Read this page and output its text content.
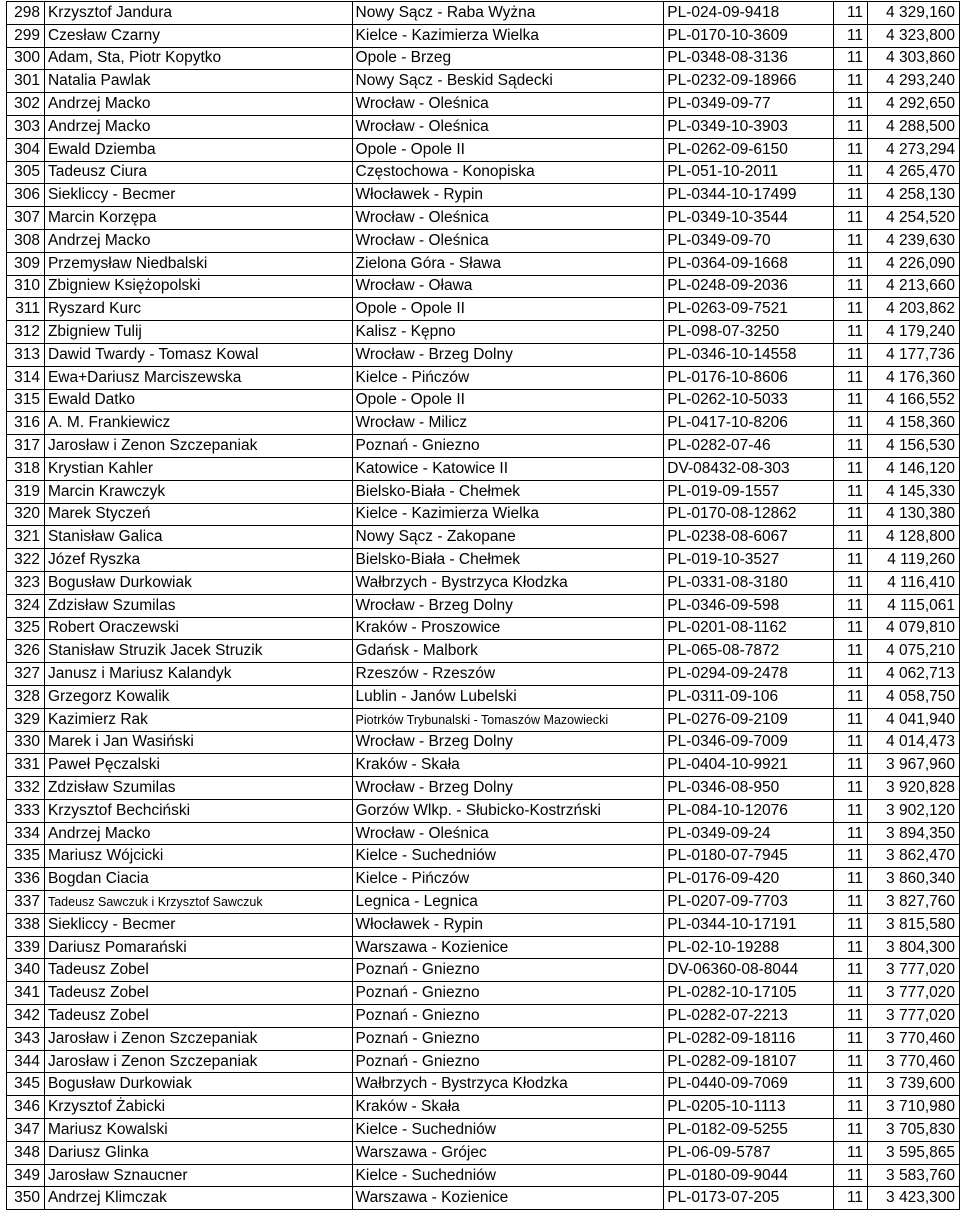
298	Krzysztof Jandura	Nowy Sącz - Raba Wyżna	PL-024-09-9418	11	4 329,160
299	Czesław Czarny	Kielce - Kazimierza Wielka	PL-0170-10-3609	11	4 323,800
300	Adam, Sta, Piotr Kopytko	Opole - Brzeg	PL-0348-08-3136	11	4 303,860
301	Natalia Pawlak	Nowy Sącz - Beskid Sądecki	PL-0232-09-18966	11	4 293,240
302	Andrzej Macko	Wrocław - Oleśnica	PL-0349-09-77	11	4 292,650
303	Andrzej Macko	Wrocław - Oleśnica	PL-0349-10-3903	11	4 288,500
304	Ewald Dziemba	Opole - Opole II	PL-0262-09-6150	11	4 273,294
305	Tadeusz Ciura	Częstochowa - Konopiska	PL-051-10-2011	11	4 265,470
306	Siekliccy - Becmer	Włocławek - Rypin	PL-0344-10-17499	11	4 258,130
307	Marcin Korzępa	Wrocław - Oleśnica	PL-0349-10-3544	11	4 254,520
308	Andrzej Macko	Wrocław - Oleśnica	PL-0349-09-70	11	4 239,630
309	Przemysław Niedbalski	Zielona Góra - Sława	PL-0364-09-1668	11	4 226,090
310	Zbigniew Księżopolski	Wrocław - Oława	PL-0248-09-2036	11	4 213,660
311	Ryszard Kurc	Opole - Opole II	PL-0263-09-7521	11	4 203,862
312	Zbigniew Tulij	Kalisz - Kępno	PL-098-07-3250	11	4 179,240
313	Dawid Twardy - Tomasz Kowal	Wrocław - Brzeg Dolny	PL-0346-10-14558	11	4 177,736
314	Ewa+Dariusz Marciszewska	Kielce - Pińczów	PL-0176-10-8606	11	4 176,360
315	Ewald Datko	Opole - Opole II	PL-0262-10-5033	11	4 166,552
316	A. M. Frankiewicz	Wrocław - Milicz	PL-0417-10-8206	11	4 158,360
317	Jarosław i Zenon Szczepaniak	Poznań - Gniezno	PL-0282-07-46	11	4 156,530
318	Krystian Kahler	Katowice - Katowice II	DV-08432-08-303	11	4 146,120
319	Marcin Krawczyk	Bielsko-Biała - Chełmek	PL-019-09-1557	11	4 145,330
320	Marek Styczeń	Kielce - Kazimierza Wielka	PL-0170-08-12862	11	4 130,380
321	Stanisław Galica	Nowy Sącz - Zakopane	PL-0238-08-6067	11	4 128,800
322	Józef Ryszka	Bielsko-Biała - Chełmek	PL-019-10-3527	11	4 119,260
323	Bogusław Durkowiak	Wałbrzych - Bystrzyca Kłodzka	PL-0331-08-3180	11	4 116,410
324	Zdzisław Szumilas	Wrocław - Brzeg Dolny	PL-0346-09-598	11	4 115,061
325	Robert Oraczewski	Kraków - Proszowice	PL-0201-08-1162	11	4 079,810
326	Stanisław Struzik Jacek Struzik	Gdańsk - Malbork	PL-065-08-7872	11	4 075,210
327	Janusz i Mariusz Kalandyk	Rzeszów - Rzeszów	PL-0294-09-2478	11	4 062,713
328	Grzegorz Kowalik	Lublin - Janów Lubelski	PL-0311-09-106	11	4 058,750
329	Kazimierz Rak	Piotrków Trybunalski - Tomaszów Mazowiecki	PL-0276-09-2109	11	4 041,940
330	Marek i Jan Wasiński	Wrocław - Brzeg Dolny	PL-0346-09-7009	11	4 014,473
331	Paweł Pęczalski	Kraków - Skała	PL-0404-10-9921	11	3 967,960
332	Zdzisław Szumilas	Wrocław - Brzeg Dolny	PL-0346-08-950	11	3 920,828
333	Krzysztof Bechciński	Gorzów Wlkp. - Słubicko-Kostrzński	PL-084-10-12076	11	3 902,120
334	Andrzej Macko	Wrocław - Oleśnica	PL-0349-09-24	11	3 894,350
335	Mariusz Wójcicki	Kielce - Suchedniów	PL-0180-07-7945	11	3 862,470
336	Bogdan Ciacia	Kielce - Pińczów	PL-0176-09-420	11	3 860,340
337	Tadeusz Sawczuk i Krzysztof Sawczuk	Legnica - Legnica	PL-0207-09-7703	11	3 827,760
338	Siekliccy - Becmer	Włocławek - Rypin	PL-0344-10-17191	11	3 815,580
339	Dariusz Pomarański	Warszawa - Kozienice	PL-02-10-19288	11	3 804,300
340	Tadeusz Zobel	Poznań - Gniezno	DV-06360-08-8044	11	3 777,020
341	Tadeusz Zobel	Poznań - Gniezno	PL-0282-10-17105	11	3 777,020
342	Tadeusz Zobel	Poznań - Gniezno	PL-0282-07-2213	11	3 777,020
343	Jarosław i Zenon Szczepaniak	Poznań - Gniezno	PL-0282-09-18116	11	3 770,460
344	Jarosław i Zenon Szczepaniak	Poznań - Gniezno	PL-0282-09-18107	11	3 770,460
345	Bogusław Durkowiak	Wałbrzych - Bystrzyca Kłodzka	PL-0440-09-7069	11	3 739,600
346	Krzysztof Żabicki	Kraków - Skała	PL-0205-10-1113	11	3 710,980
347	Mariusz Kowalski	Kielce - Suchedniów	PL-0182-09-5255	11	3 705,830
348	Dariusz Glinka	Warszawa - Grójec	PL-06-09-5787	11	3 595,865
349	Jarosław Sznaucner	Kielce - Suchedniów	PL-0180-09-9044	11	3 583,760
350	Andrzej Klimczak	Warszawa - Kozienice	PL-0173-07-205	11	3 423,300
